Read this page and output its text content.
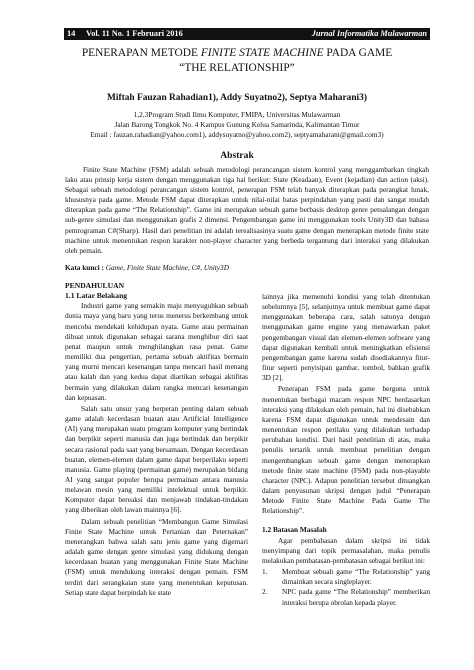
14 Vol. 11 No. 1 Februari 2016	Jurnal Informatika Mulawarman
PENERAPAN METODE FINITE STATE MACHINE PADA GAME
“THE RELATIONSHIP”
Miftah Fauzan Rahadian1), Addy Suyatno2), Septya Maharani3)
1,2,3Program Studi Ilmu Komputer, FMIPA, Universitas Mulawarman
Jalan Barong Tongkok No. 4 Kampus Gunung Kelua Samarinda, Kalimantan Timur
Email : fauzan.rahadian@yahoo.com1), addysuyatno@yahoo.com2), septyamaharani@gmail.com3)
Abstrak
Finite State Machine (FSM) adalah sebuah metodologi perancangan sistem kontrol yang menggambarkan tingkah laku atau prinsip kerja sistem dengan menggunakan tiga hal berikut: State (Keadaan), Event (kejadian) dan action (aksi). Sebagai sebuah metodologi perancangan sistem kontrol, penerapan FSM telah banyak diterapkan pada perangkat lunak, khususnya pada game. Metode FSM dapat diterapkan untuk nilai-nilai batas perpindahan yang pasti dan sangat mudah diterapkan pada game “The Relationship”. Game ini merupakan sebuah game berbasis desktop genre petualangan dengan sub-genre simulasi dan menggunakan grafis 2 dimensi. Pengembangan game ini menggunakan tools Unity3D dan bahasa pemrograman C#(Sharp). Hasil dari penelitian ini adalah terealisasinya suatu game dengan menerapkan metode finite state machine untuk menentukan respon karakter non-player character yang berbeda tergantung dari interaksi yang dilakukan oleh pemain.
Kata kunci : Game, Finite State Machine, C#, Unity3D
PENDAHULUAN
1.1 Latar Belakang

Industri game yang semakin maju menyuguhkan sebuah dunia maya yang baru yang terus menerus berkembang untuk mencoba mendekati kehidupan nyata. Game atau permainan dibuat untuk digunakan sebagai sarana menghibur diri saat penat maupun untuk menghilangkan rasa penat. Game memiliki dua pengertian, pertama sebuah aktifitas bermain yang murni mencari kesenangan tanpa mencari hasil menang atau kalah dan yang kedua dapat diartikan sebagai aktifitas bermain yang dilakukan dalam rangka mencari kesenangan dan kepuasan.

Salah satu unsur yang berperan penting dalam sebuah game adalah kecerdasan buatan atau Artificial Intelligence (AI) yang merupakan suatu program komputer yang bertindak dan berpikir seperti manusia dan juga bertindak dan berpikir secara rasional pada saat yang bersamaan. Dengan kecerdasan buatan, elemen-elemen dalam game dapat berperilaku seperti manusia. Game playing (permainan game) merupakan bidang AI yang sangat populer berupa permainan antara manusia melawan mesin yang memiliki intelektual untuk berpikir. Komputer dapat bereaksi dan menjawab tindakan-tindakan yang diberikan oleh lawan mainnya [6].

Dalam sebuah penelitian “Membangun Game Simulasi Finite State Machine untuk Pertanian dan Peternakan” menerangkan bahwa salah satu jenis game yang digemari adalah game dengan genre simulasi yang didukung dengan kecerdasan buatan yang menggunakan Finite State Machine (FSM) untuk mendukung interaksi dengan pemain. FSM terdiri dari serangkaian state yang menentukan keputusan. Setiap state dapat berpindah ke state

lainnya jika memenuhi kondisi yang telah ditentukan sebelumnya [5], selanjutnya untuk membuat game dapat menggunakan beberapa cara, salah satunya dengan menggunakan game engine yang menawarkan paket pengembangan visual dan elemen-elemen software yang dapat digunakan kembali untuk meningkatkan efisiensi pengembangan game karena sudah disediakannya fitur-fitur seperti penyisipan gambar, tombol, bahkan grafik 3D [2].

Penerapan FSM pada game berguna untuk menentukan berbagai macam respon NPC berdasarkan interaksi yang dilakukan oleh pemain, hal ini disebabkan karena FSM dapat digunakan untuk mendesain dan menentukan respon perilaku yang dilakukan terhadap perubahan kondisi. Dari hasil penelitian di atas, maka penulis tertarik untuk membuat penelitian dengan mengembangkan sebuah game dengan menerapkan metode finite state machine (FSM) pada non-playable character (NPC). Adapun penelitian tersebut dituangkan dalam penyusunan skripsi dengan judul “Penerapan Metode Finite State Machine Pada Game The Relationship”.

1.2 Batasan Masalah

Agar pembahasan dalam skripsi ini tidak menyimpang dari topik permasalahan, maka penulis melakukan pembatasan-pembatasan sebagai berikut ini:

1.	Membuat sebuah game “The Relationship” yang dimainkan secara singleplayer.
2.	NPC pada game “The Relationship” memberikan interaksi berupa obrolan kepada player.
